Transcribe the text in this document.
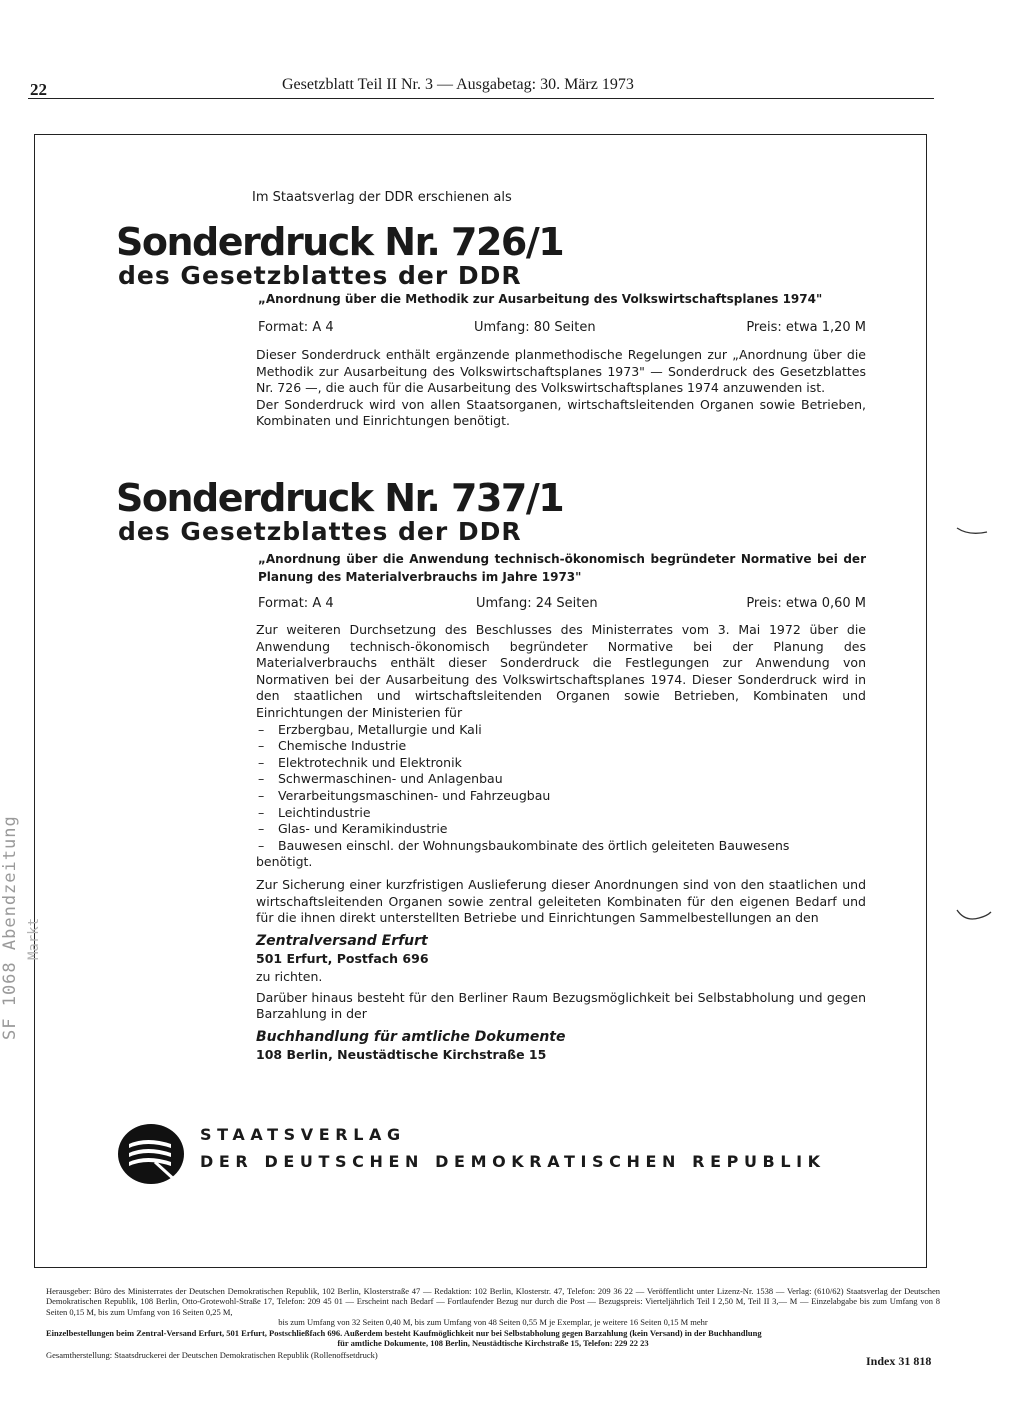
22	Gesetzblatt Teil II Nr. 3 — Ausgabetag: 30. März 1973
Im Staatsverlag der DDR erschienen als
Sonderdruck Nr. 726/1
des Gesetzblattes der DDR
„Anordnung über die Methodik zur Ausarbeitung des Volkswirtschaftsplanes 1974"
Format: A 4	Umfang: 80 Seiten	Preis: etwa 1,20 M

Dieser Sonderdruck enthält ergänzende planmethodische Regelungen zur „Anordnung über die Methodik zur Ausarbeitung des Volkswirtschaftsplanes 1973" — Sonderdruck des Gesetzblattes Nr. 726 —, die auch für die Ausarbeitung des Volkswirtschaftsplanes 1974 anzuwenden ist.

Der Sonderdruck wird von allen Staatsorganen, wirtschaftsleitenden Organen sowie Betrieben, Kombinaten und Einrichtungen benötigt.

Sonderdruck Nr. 737/1
des Gesetzblattes der DDR
„Anordnung über die Anwendung technisch-ökonomisch begründeter Normative bei der Planung des Materialverbrauchs im Jahre 1973"
Format: A 4	Umfang: 24 Seiten	Preis: etwa 0,60 M

Zur weiteren Durchsetzung des Beschlusses des Ministerrates vom 3. Mai 1972 über die Anwendung technisch-ökonomisch begründeter Normative bei der Planung des Materialverbrauchs enthält dieser Sonderdruck die Festlegungen zur Anwendung von Normativen bei der Ausarbeitung des Volkswirtschaftsplanes 1974. Dieser Sonderdruck wird in den staatlichen und wirtschaftsleitenden Organen sowie Betrieben, Kombinaten und Einrichtungen der Ministerien für

– Erzbergbau, Metallurgie und Kali
– Chemische Industrie
– Elektrotechnik und Elektronik
– Schwermaschinen- und Anlagenbau
– Verarbeitungsmaschinen- und Fahrzeugbau
– Leichtindustrie
– Glas- und Keramikindustrie
– Bauwesen einschl. der Wohnungsbaukombinate des örtlich geleiteten Bauwesens

benötigt.

Zur Sicherung einer kurzfristigen Auslieferung dieser Anordnungen sind von den staatlichen und wirtschaftsleitenden Organen sowie zentral geleiteten Kombinaten für den eigenen Bedarf und für die ihnen direkt unterstellten Betriebe und Einrichtungen Sammelbestellungen an den

Zentralversand Erfurt

501 Erfurt, Postfach 696

zu richten.

Darüber hinaus besteht für den Berliner Raum Bezugsmöglichkeit bei Selbstabholung und gegen Barzahlung in der

Buchhandlung für amtliche Dokumente

108 Berlin, Neustädtische Kirchstraße 15

STAATSVERLAG
DER DEUTSCHEN DEMOKRATISCHEN REPUBLIK

Herausgeber: Büro des Ministerrates der Deutschen Demokratischen Republik, 102 Berlin, Klosterstraße 47 — Redaktion: 102 Berlin, Klosterstr. 47, Telefon: 209 36 22 — Veröffentlicht unter Lizenz-Nr. 1538 — Verlag: (610/62) Staatsverlag der Deutschen Demokratischen Republik, 108 Berlin, Otto-Grotewohl-Straße 17, Telefon: 209 45 01 — Erscheint nach Bedarf — Fortlaufender Bezug nur durch die Post — Bezugspreis: Vierteljährlich Teil I 2,50 M, Teil II 3,— M — Einzelabgabe bis zum Umfang von 8 Seiten 0,15 M, bis zum Umfang von 16 Seiten 0,25 M,

bis zum Umfang von 32 Seiten 0,40 M, bis zum Umfang von 48 Seiten 0,55 M je Exemplar, je weitere 16 Seiten 0,15 M mehr

Einzelbestellungen beim Zentral-Versand Erfurt, 501 Erfurt, Postschließfach 696. Außerdem besteht Kaufmöglichkeit nur bei Selbstabholung gegen Barzahlung (kein Versand) in der Buchhandlung

für amtliche Dokumente, 108 Berlin, Neustädtische Kirchstraße 15, Telefon: 229 22 23

Gesamtherstellung: Staatsdruckerei der Deutschen Demokratischen Republik (Rollenoffsetdruck)	Index 31 818
SF 1068 Abendzeitung Markt
